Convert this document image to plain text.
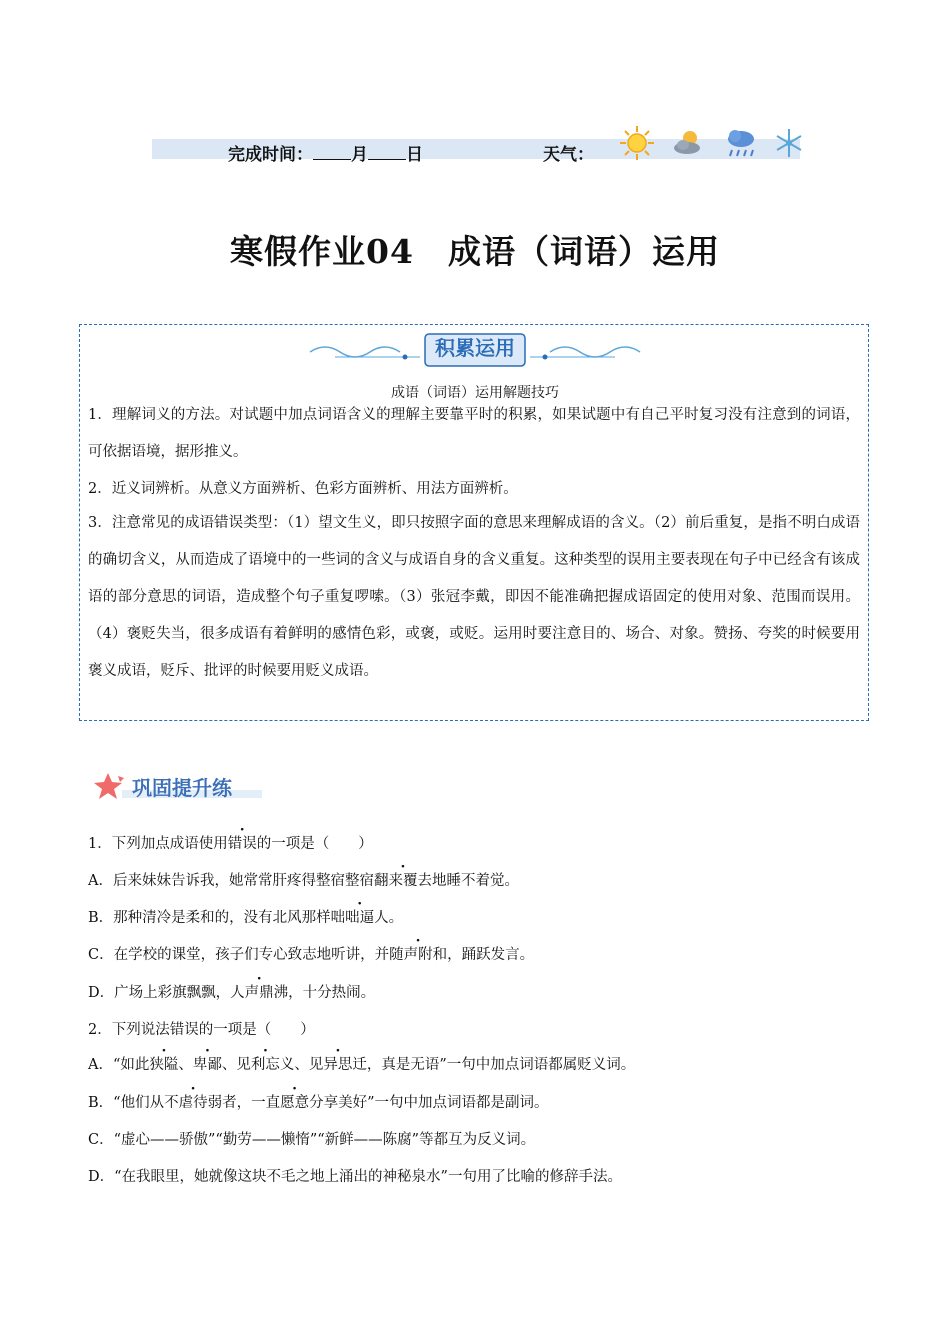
完成时间： 月 日	天气：
寒假作业04　成语（词语）运用
积累运用
成语（词语）运用解题技巧
1．理解词义的方法。对试题中加点词语含义的理解主要靠平时的积累，如果试题中有自己平时复习没有注意到的词语，可依据语境，据形推义。
2．近义词辨析。从意义方面辨析、色彩方面辨析、用法方面辨析。
3．注意常见的成语错误类型：（1）望文生义，即只按照字面的意思来理解成语的含义。（2）前后重复，是指不明白成语的确切含义，从而造成了语境中的一些词的含义与成语自身的含义重复。这种类型的误用主要表现在句子中已经含有该成语的部分意思的词语，造成整个句子重复啰嗦。（3）张冠李戴，即因不能准确把握成语固定的使用对象、范围而误用。（4）褒贬失当，很多成语有着鲜明的感情色彩，或褒，或贬。运用时要注意目的、场合、对象。赞扬、夸奖的时候要用褒义成语，贬斥、批评的时候要用贬义成语。
巩固提升练
1．下列加点成语使用错误的一项是（　　）
A．后来妹妹告诉我，她常常肝疼得整宿整宿翻来覆去地睡不着觉。
B．那种清冷是柔和的，没有北风那样咄咄逼人。
C．在学校的课堂，孩子们专心致志地听讲，并随声附和，踊跃发言。
D．广场上彩旗飘飘，人声鼎沸，十分热闹。
2．下列说法错误的一项是（　　）
A．“如此狭隘、卑鄙、见利忘义、见异思迁，真是无语”一句中加点词语都属贬义词。
B．“他们从不虐待弱者，一直愿意分享美好”一句中加点词语都是副词。
C．“虚心——骄傲”“勤劳——懒惰”“新鲜——陈腐”等都互为反义词。
D．“在我眼里，她就像这块不毛之地上涌出的神秘泉水”一句用了比喻的修辞手法。
